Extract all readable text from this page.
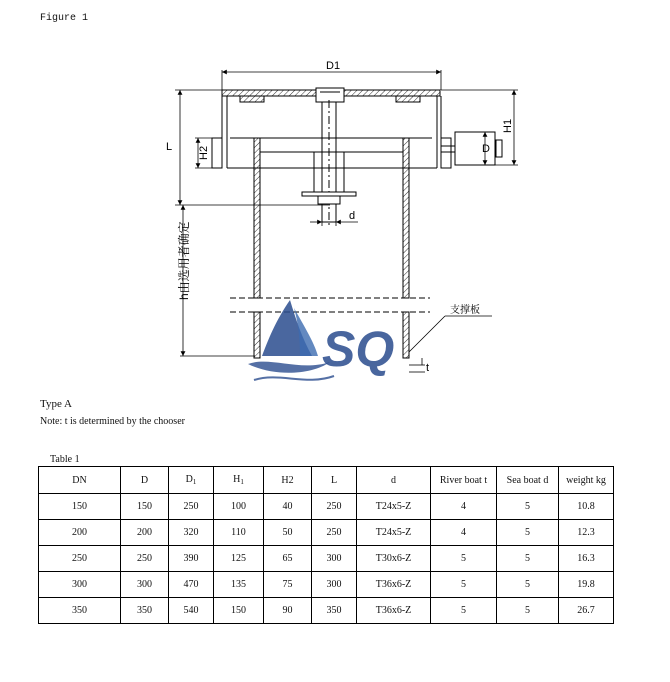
Figure 1
SQ
D1
L H2
H1
D
d
t
h由选用者确定
支撑板
Type A
Note: t is determined by the chooser
Table 1
DN	D	$D_1$	$H_1$	H2	L	d	River boat t	Sea boat d	weight kg
150	150	250	100	40	250	T24x5-Z	4	5	10.8
200	200	320	110	50	250	T24x5-Z	4	5	12.3
250	250	390	125	65	300	T30x6-Z	5	5	16.3
300	300	470	135	75	300	T36x6-Z	5	5	19.8
350	350	540	150	90	350	T36x6-Z	5	5	26.7
